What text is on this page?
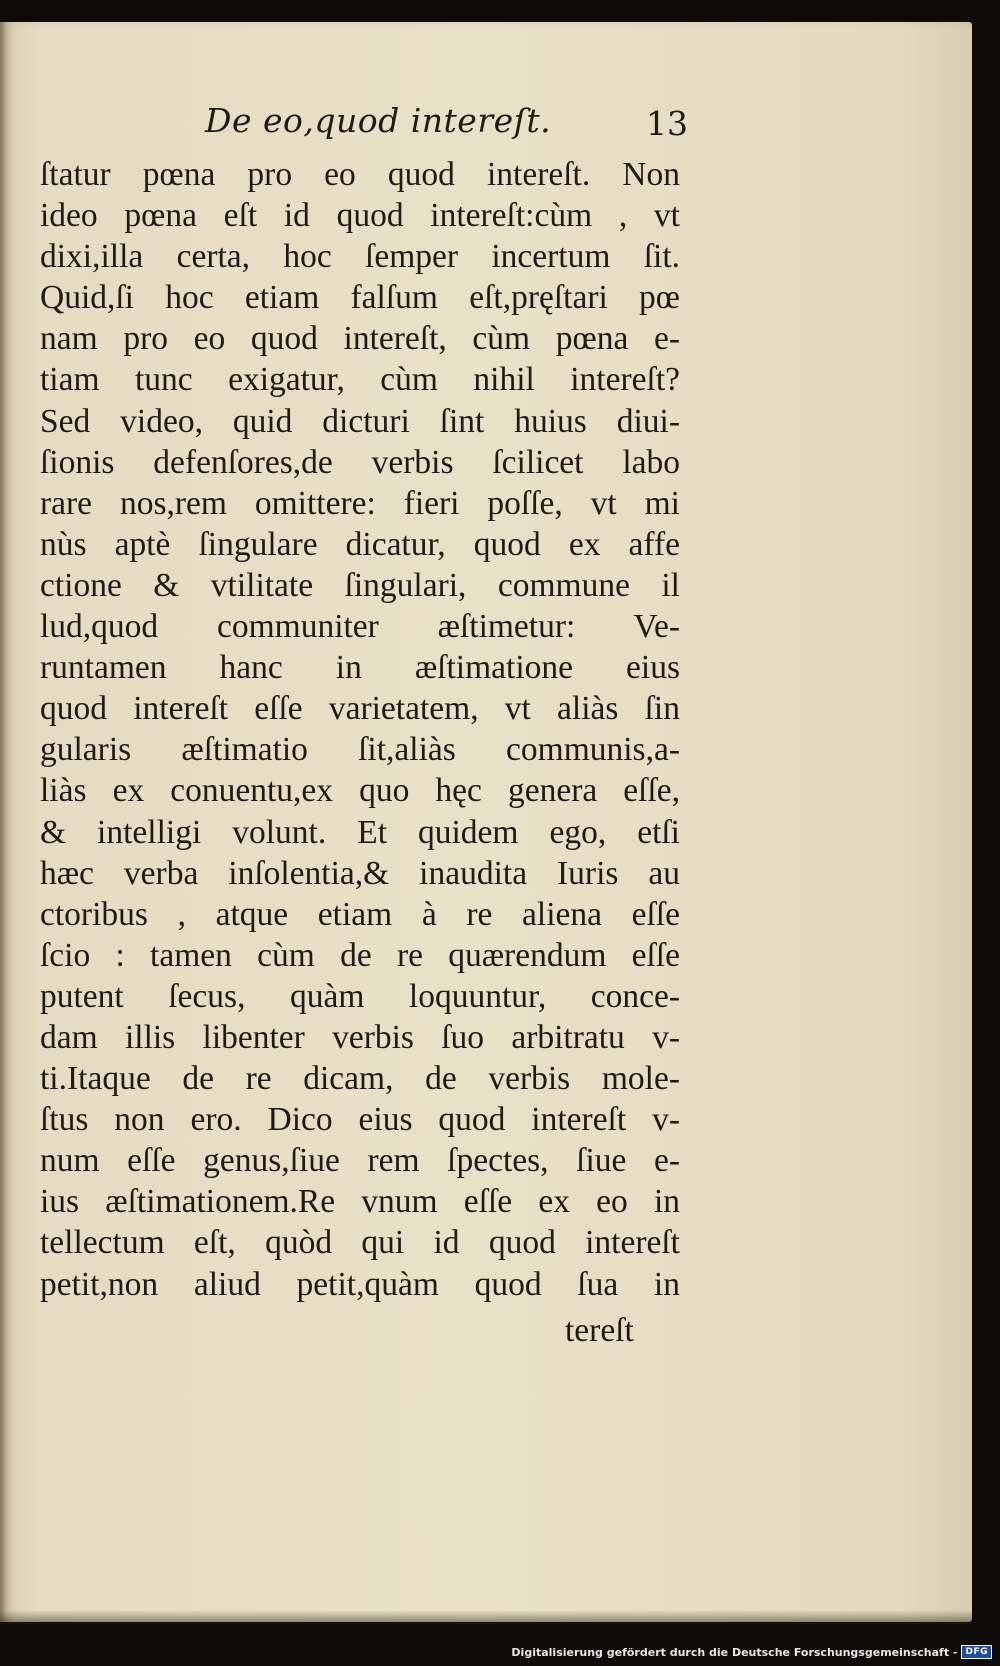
De eo,quod intereſt.	13
ſtatur pœna pro eo quod intereſt. Non
ideo pœna eſt id quod intereſt:cùm , vt
dixi,illa certa, hoc ſemper incertum ſit.
Quid,ſi hoc etiam falſum eſt,pręſtari pœ
nam pro eo quod intereſt, cùm pœna e-
tiam tunc exigatur, cùm nihil intereſt?
Sed video, quid dicturi ſint huius diui-
ſionis defenſores,de verbis ſcilicet labo
rare nos,rem omittere: fieri poſſe, vt mi
nùs aptè ſingulare dicatur, quod ex affe
ctione & vtilitate ſingulari, commune il
lud,quod communiter æſtimetur: Ve-
runtamen hanc in æſtimatione eius
quod intereſt eſſe varietatem, vt aliàs ſin
gularis æſtimatio ſit,aliàs communis,a-
liàs ex conuentu,ex quo hęc genera eſſe,
& intelligi volunt. Et quidem ego, etſi
hæc verba inſolentia,& inaudita Iuris au
ctoribus , atque etiam à re aliena eſſe
ſcio : tamen cùm de re quærendum eſſe
putent ſecus, quàm loquuntur, conce-
dam illis libenter verbis ſuo arbitratu v-
ti.Itaque de re dicam, de verbis mole-
ſtus non ero. Dico eius quod intereſt v-
num eſſe genus,ſiue rem ſpectes, ſiue e-
ius æſtimationem.Re vnum eſſe ex eo in
tellectum eſt, quòd qui id quod intereſt
petit,non aliud petit,quàm quod ſua in
tereſt
Digitalisierung gefördert durch die Deutsche Forschungsgemeinschaft - DFG
